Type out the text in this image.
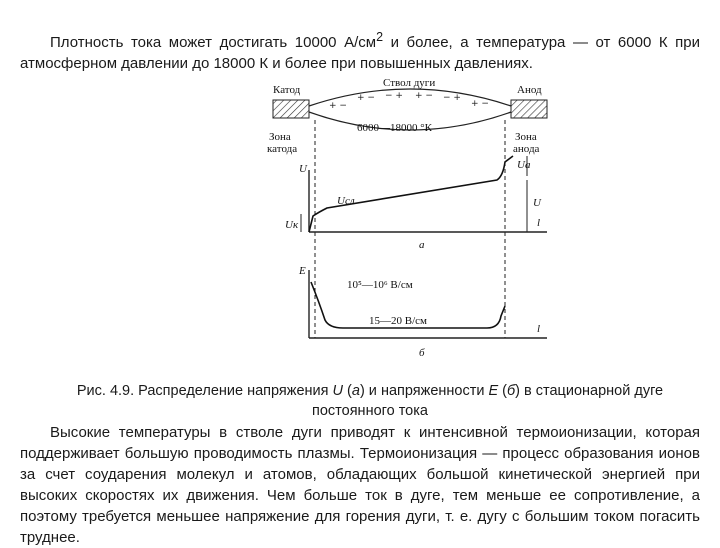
Плотность тока может достигать 10000 $А/см^2$ и более, а температура — от 6000 К при атмосферном давлении до 18000 К и более при повышенных давлениях.

+ −
+ − − + + − − +
+ −
Катод
Ствол дуги
Анод
6000—18000 °К
Зона
катода
Зона
анода
U
Uк
Uсл
Uа
U
l
а
E
10⁵—10⁶ В/см
15—20 В/см
l
б

Рис. 4.9. Распределение напряжения U (а) и напряженности E (б) в стационарной дуге постоянного тока

Высокие температуры в стволе дуги приводят к интенсивной термоионизации, которая поддерживает большую проводимость плазмы. Термоионизация — процесс образования ионов за счет соударения молекул и атомов, обладающих большой кинетической энергией при высоких скоростях их движения. Чем больше ток в дуге, тем меньше ее сопротивление, а поэтому требуется меньшее напряжение для горения дуги, т. е. дугу с большим током погасить труднее.
